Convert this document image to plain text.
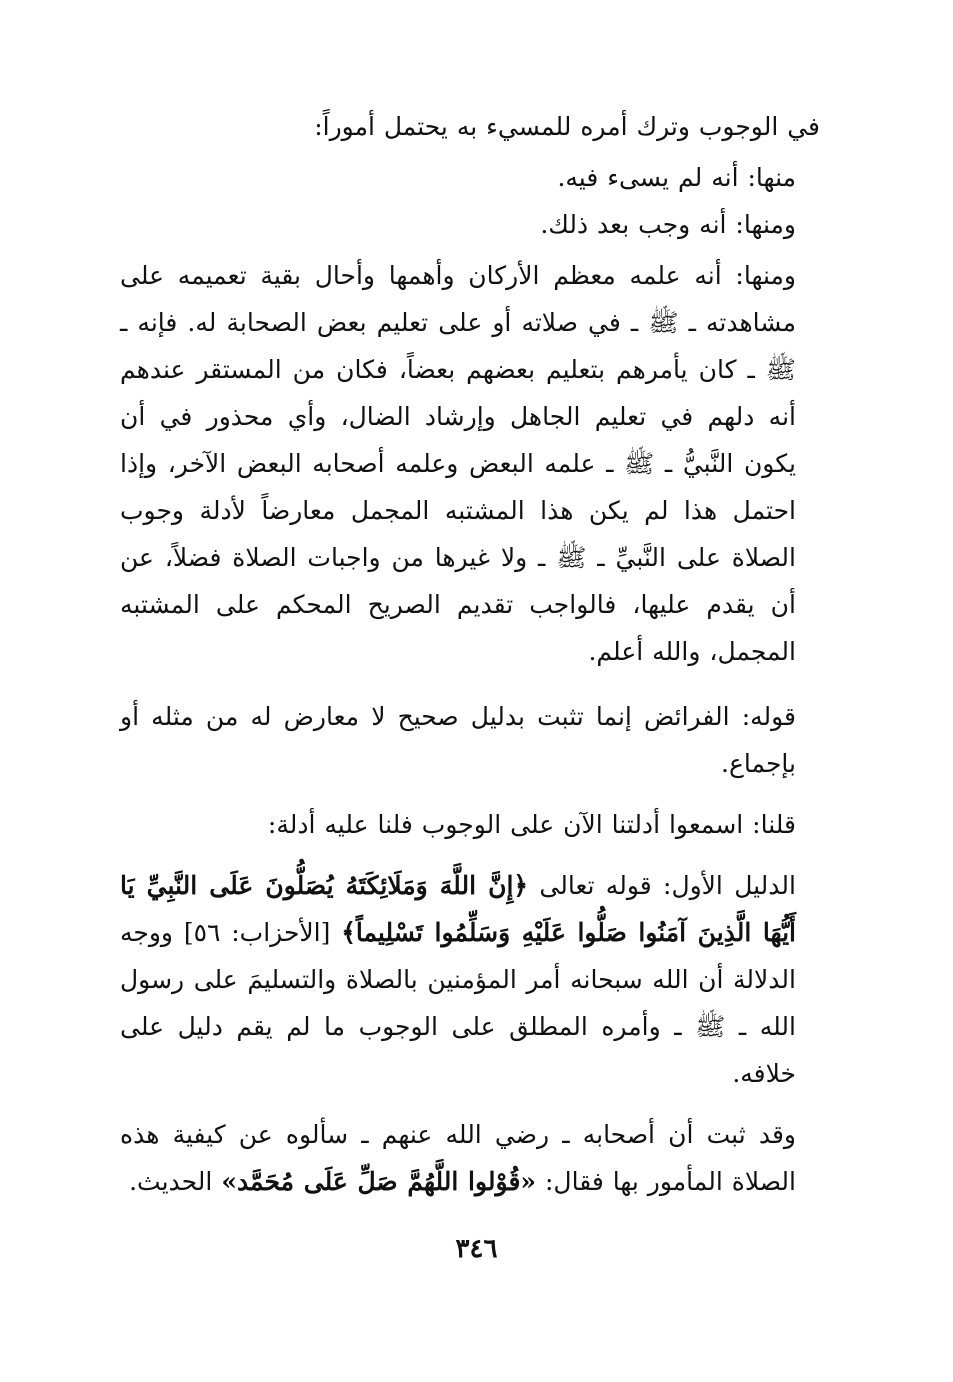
في الوجوب وترك أمره للمسيء به يحتمل أموراً:

منها: أنه لم يسىء فيه.

ومنها: أنه وجب بعد ذلك.

ومنها: أنه علمه معظم الأركان وأهمها وأحال بقية تعميمه على مشاهدته ـ ﷺ ـ في صلاته أو على تعليم بعض الصحابة له. فإنه ـ ﷺ ـ كان يأمرهم بتعليم بعضهم بعضاً، فكان من المستقر عندهم أنه دلهم في تعليم الجاهل وإرشاد الضال، وأي محذور في أن يكون النَّبيُّ ـ ﷺ ـ علمه البعض وعلمه أصحابه البعض الآخر، وإذا احتمل هذا لم يكن هذا المشتبه المجمل معارضاً لأدلة وجوب الصلاة على النَّبيِّ ـ ﷺ ـ ولا غيرها من واجبات الصلاة فضلاً، عن أن يقدم عليها، فالواجب تقديم الصريح المحكم على المشتبه المجمل، والله أعلم.

قوله: الفرائض إنما تثبت بدليل صحيح لا معارض له من مثله أو بإجماع.

قلنا: اسمعوا أدلتنا الآن على الوجوب فلنا عليه أدلة:

الدليل الأول: قوله تعالى ﴿إِنَّ اللَّهَ وَمَلَائِكَتَهُ يُصَلُّونَ عَلَى النَّبِيِّ يَا أَيُّهَا الَّذِينَ آمَنُوا صَلُّوا عَلَيْهِ وَسَلِّمُوا تَسْلِيماً﴾ [الأحزاب: ٥٦] ووجه الدلالة أن الله سبحانه أمر المؤمنين بالصلاة والتسليمَ على رسول الله ـ ﷺ ـ وأمره المطلق على الوجوب ما لم يقم دليل على خلافه.

وقد ثبت أن أصحابه ـ رضي الله عنهم ـ سألوه عن كيفية هذه الصلاة المأمور بها فقال: «قُوْلوا اللَّهُمَّ صَلِّ عَلَى مُحَمَّد» الحديث.

٣٤٦
